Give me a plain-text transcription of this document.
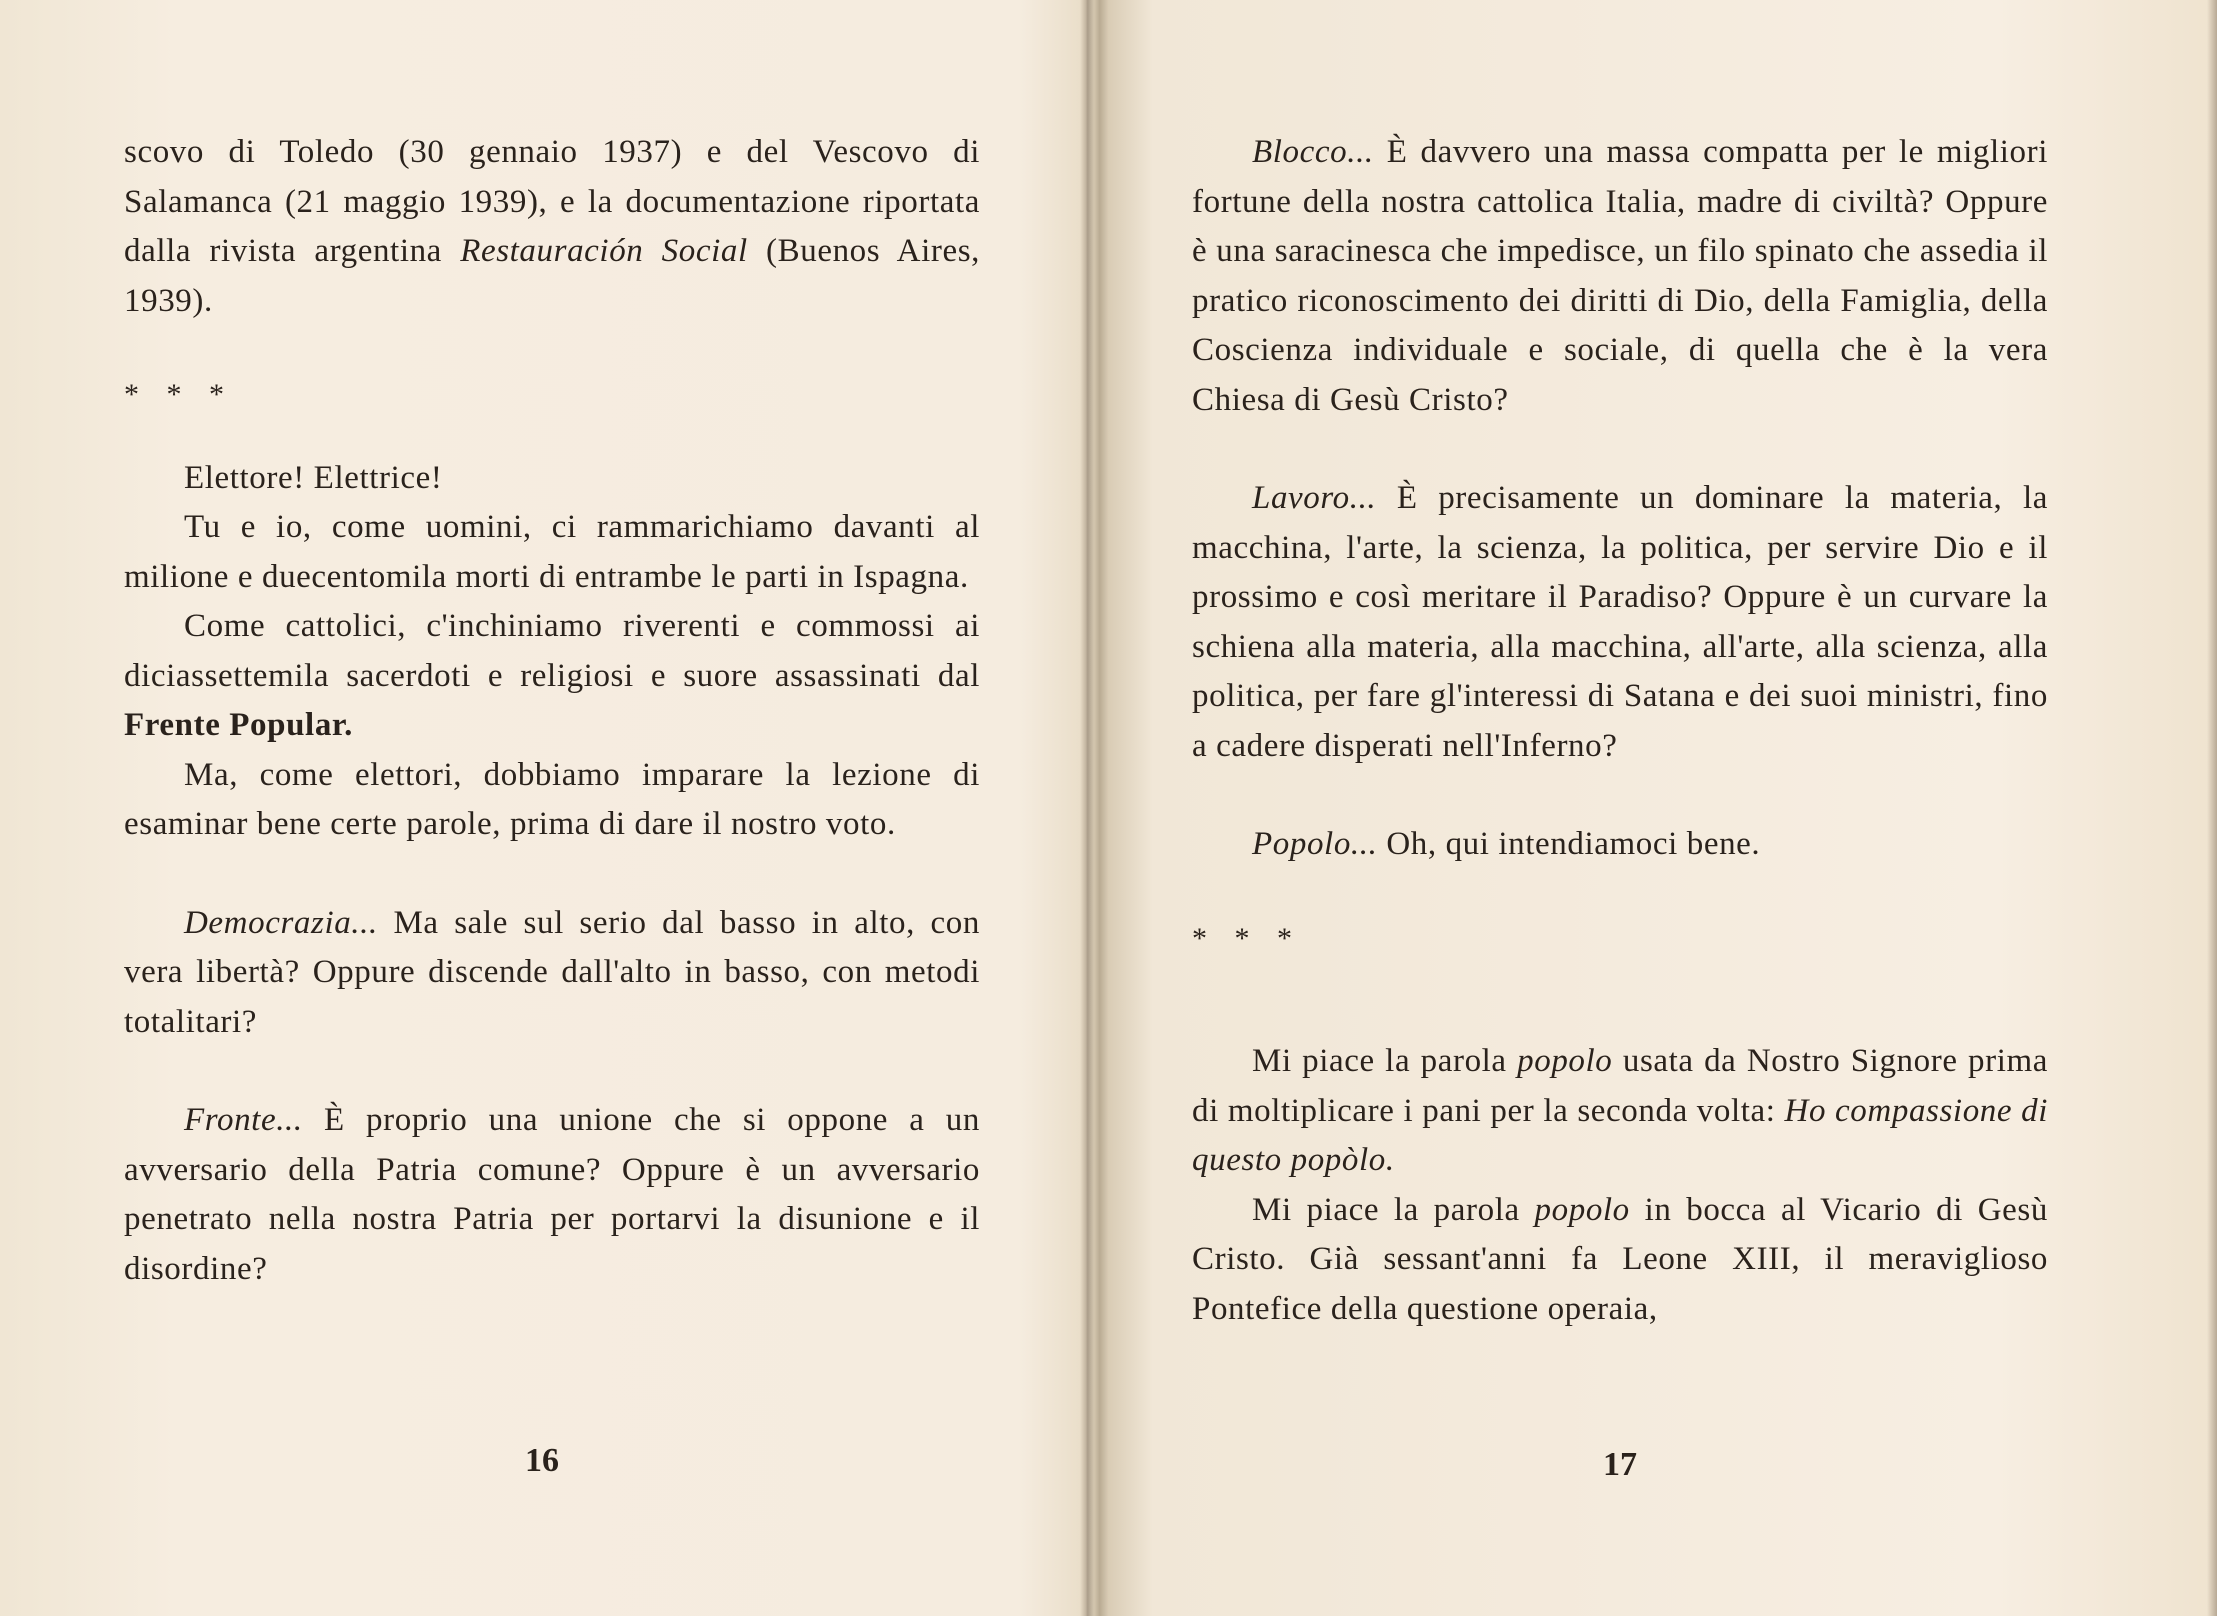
scovo di Toledo (30 gennaio 1937) e del Vescovo di Salamanca (21 maggio 1939), e la documentazione riportata dalla rivista argentina Restauración Social (Buenos Aires, 1939).

* * *

Elettore! Elettrice!

Tu e io, come uomini, ci rammarichiamo davanti al milione e duecentomila morti di entrambe le parti in Ispagna.

Come cattolici, c'inchiniamo riverenti e commossi ai diciassettemila sacerdoti e religiosi e suore assassinati dal Frente Popular.

Ma, come elettori, dobbiamo imparare la lezione di esaminar bene certe parole, prima di dare il nostro voto.

Democrazia... Ma sale sul serio dal basso in alto, con vera libertà? Oppure discende dall'alto in basso, con metodi totalitari?

Fronte... È proprio una unione che si oppone a un avversario della Patria comune? Oppure è un avversario penetrato nella nostra Patria per portarvi la disunione e il disordine?

16

Blocco... È davvero una massa compatta per le migliori fortune della nostra cattolica Italia, madre di civiltà? Oppure è una saracinesca che impedisce, un filo spinato che assedia il pratico riconoscimento dei diritti di Dio, della Famiglia, della Coscienza individuale e sociale, di quella che è la vera Chiesa di Gesù Cristo?

Lavoro... È precisamente un dominare la materia, la macchina, l'arte, la scienza, la politica, per servire Dio e il prossimo e così meritare il Paradiso? Oppure è un curvare la schiena alla materia, alla macchina, all'arte, alla scienza, alla politica, per fare gl'interessi di Satana e dei suoi ministri, fino a cadere disperati nell'Inferno?

Popolo... Oh, qui intendiamoci bene.

* * *

Mi piace la parola popolo usata da Nostro Signore prima di moltiplicare i pani per la seconda volta: Ho compassione di questo popòlo.

Mi piace la parola popolo in bocca al Vicario di Gesù Cristo. Già sessant'anni fa Leone XIII, il meraviglioso Pontefice della questione operaia,

17
